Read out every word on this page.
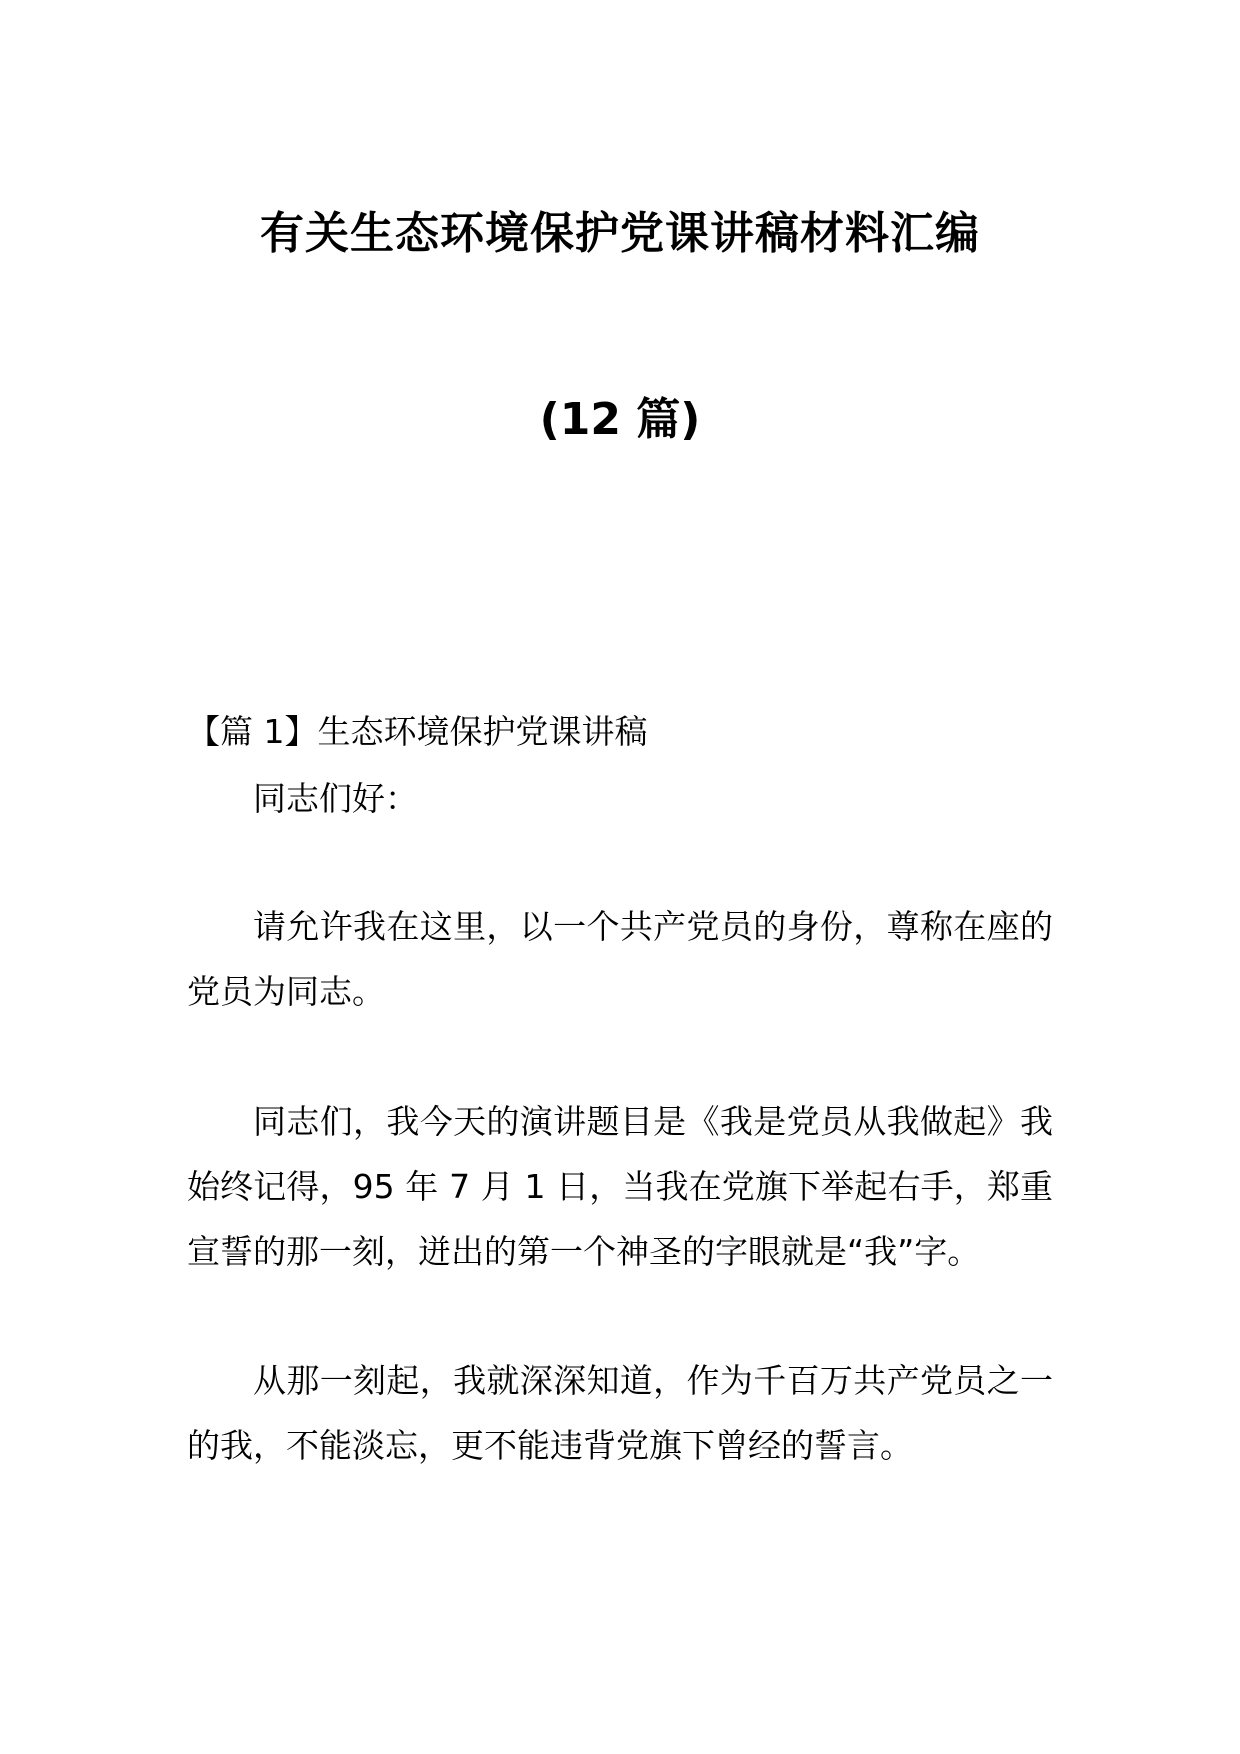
有关生态环境保护党课讲稿材料汇编
(12 篇)
【篇 1】生态环境保护党课讲稿

同志们好：

请允许我在这里，以一个共产党员的身份，尊称在座的党员为同志。

同志们，我今天的演讲题目是《我是党员从我做起》我始终记得，95 年 7 月 1 日，当我在党旗下举起右手，郑重宣誓的那一刻，迸出的第一个神圣的字眼就是“我”字。

从那一刻起，我就深深知道，作为千百万共产党员之一的我，不能淡忘，更不能违背党旗下曾经的誓言。
